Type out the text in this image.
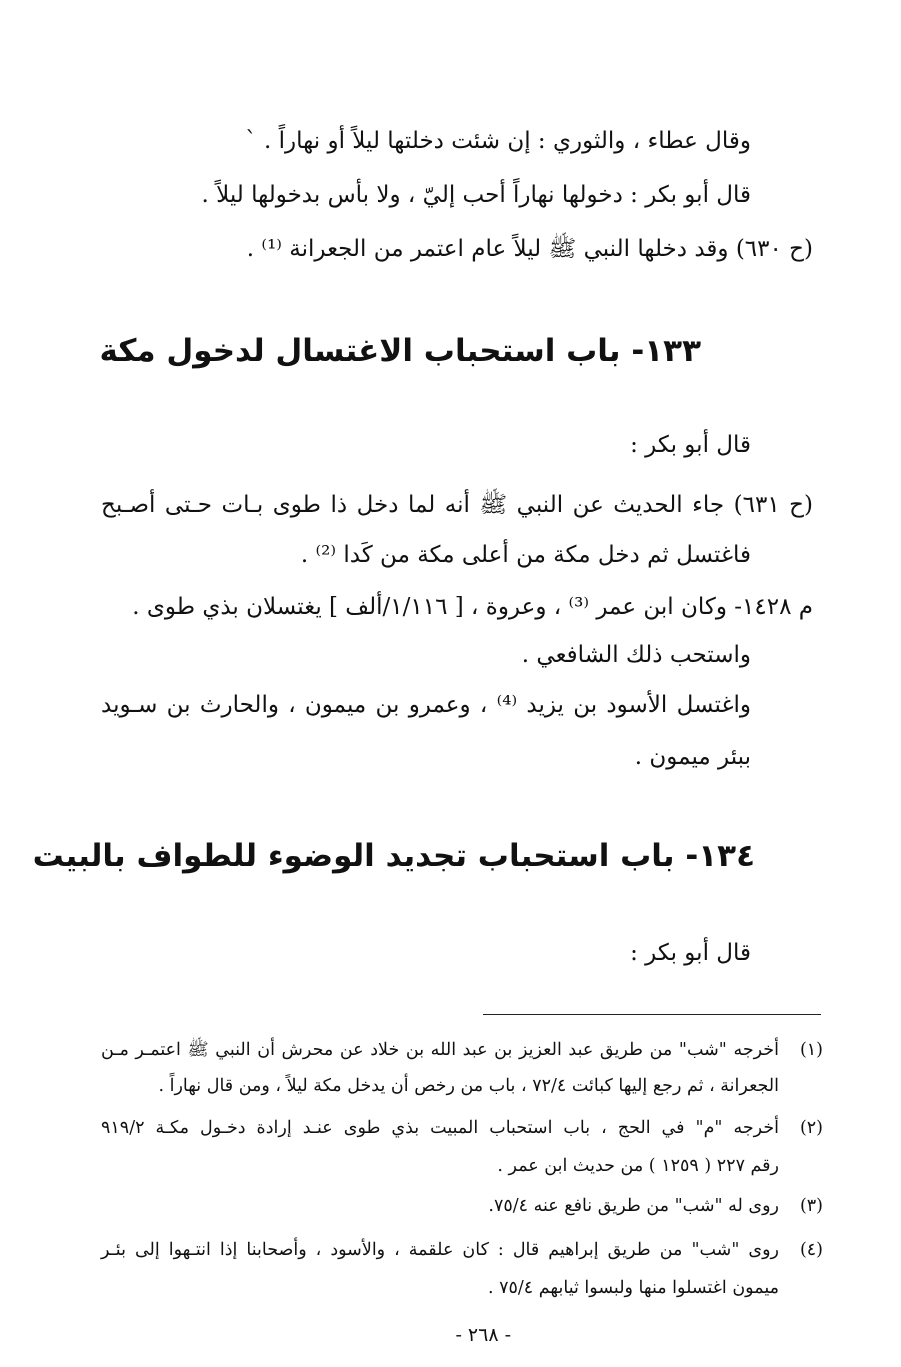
وقال عطاء ، والثوري : إن شئت دخلتها ليلاً أو نهاراً . `
قال أبو بكر : دخولها نهاراً أحب إليّ ، ولا بأس بدخولها ليلاً .
(ح ٦٣٠) وقد دخلها النبي ﷺ ليلاً عام اعتمر من الجعرانة ⁽¹⁾ .
١٣٣- باب استحباب الاغتسال لدخول مكة
قال أبو بكر :
(ح ٦٣١) جاء الحديث عن النبي ﷺ أنه لما دخل ذا طوى بـات حـتى أصـبح
فاغتسل ثم دخل مكة من أعلى مكة من كَدا ⁽²⁾ .
م ١٤٢٨- وكان ابن عمر ⁽³⁾ ، وعروة ، [ ١/١١٦/ألف ] يغتسلان بذي طوى .
واستحب ذلك الشافعي .
واغتسل الأسود بن يزيد ⁽⁴⁾ ، وعمرو بن ميمون ، والحارث بن سـويد
ببئر ميمون .
١٣٤- باب استحباب تجديد الوضوء للطواف بالبيت
قال أبو بكر :
(١)
أخرجه "شب" من طريق عبد العزيز بن عبد الله بن خلاد عن محرش أن النبي ﷺ اعتمـر مـن
الجعرانة ، ثم رجع إليها كبائت ٧٢/٤ ، باب من رخص أن يدخل مكة ليلاً ، ومن قال نهاراً .
(٢)
أخرجه "م" في الحج ، باب استحباب المبيت بذي طوى عنـد إرادة دخـول مكـة ٩١٩/٢
رقم ٢٢٧ ( ١٢٥٩ ) من حديث ابن عمر .
(٣)
روى له "شب" من طريق نافع عنه ٧٥/٤.
(٤)
روى "شب" من طريق إبراهيم قال : كان علقمة ، والأسود ، وأصحابنا إذا انتـهوا إلى بئـر
ميمون اغتسلوا منها ولبسوا ثيابهم ٧٥/٤ .
- ٢٦٨ -
